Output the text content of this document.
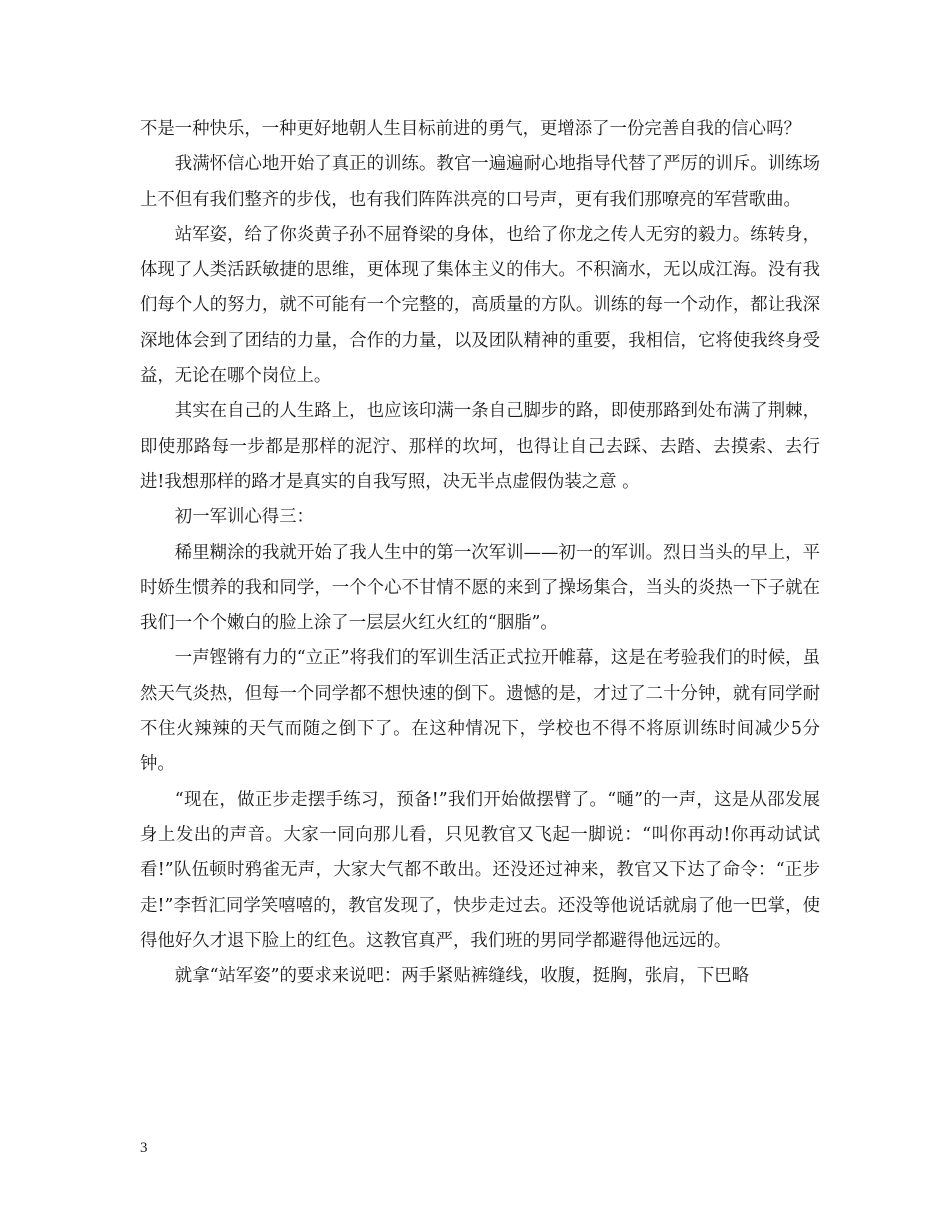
不是一种快乐，一种更好地朝人生目标前进的勇气，更增添了一份完善自我的信心吗？

我满怀信心地开始了真正的训练。教官一遍遍耐心地指导代替了严厉的训斥。训练场上不但有我们整齐的步伐，也有我们阵阵洪亮的口号声，更有我们那嘹亮的军营歌曲。

站军姿，给了你炎黄子孙不屈脊梁的身体，也给了你龙之传人无穷的毅力。练转身，体现了人类活跃敏捷的思维，更体现了集体主义的伟大。不积滴水，无以成江海。没有我们每个人的努力，就不可能有一个完整的，高质量的方队。训练的每一个动作，都让我深深地体会到了团结的力量，合作的力量，以及团队精神的重要，我相信，它将使我终身受益，无论在哪个岗位上。

其实在自己的人生路上，也应该印满一条自己脚步的路，即使那路到处布满了荆棘，即使那路每一步都是那样的泥泞、那样的坎坷，也得让自己去踩、去踏、去摸索、去行进!我想那样的路才是真实的自我写照，决无半点虚假伪装之意 。

初一军训心得三：

稀里糊涂的我就开始了我人生中的第一次军训——初一的军训。烈日当头的早上，平时娇生惯养的我和同学，一个个心不甘情不愿的来到了操场集合，当头的炎热一下子就在我们一个个嫩白的脸上涂了一层层火红火红的“胭脂”。

一声铿锵有力的“立正”将我们的军训生活正式拉开帷幕，这是在考验我们的时候，虽然天气炎热，但每一个同学都不想快速的倒下。遗憾的是，才过了二十分钟，就有同学耐不住火辣辣的天气而随之倒下了。在这种情况下，学校也不得不将原训练时间减少5分钟。

“现在，做正步走摆手练习，预备!”我们开始做摆臂了。“嗵”的一声，这是从邵发展身上发出的声音。大家一同向那儿看，只见教官又飞起一脚说：“叫你再动!你再动试试看!”队伍顿时鸦雀无声，大家大气都不敢出。还没还过神来，教官又下达了命令：“正步走!”李哲汇同学笑嘻嘻的，教官发现了，快步走过去。还没等他说话就扇了他一巴掌，使得他好久才退下脸上的红色。这教官真严，我们班的男同学都避得他远远的。

就拿“站军姿”的要求来说吧：两手紧贴裤缝线，收腹，挺胸，张肩，下巴略

3
